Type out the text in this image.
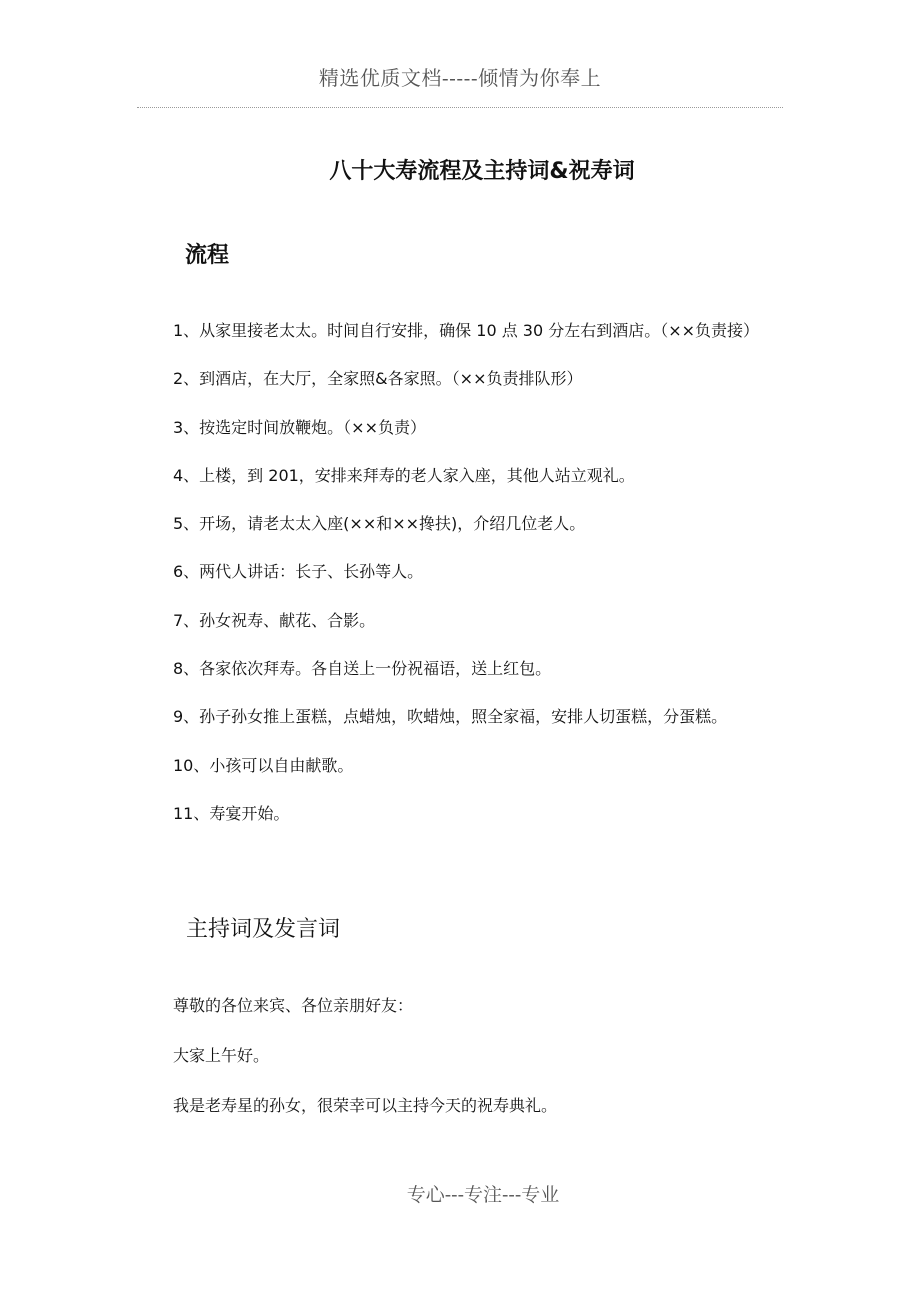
精选优质文档-----倾情为你奉上
八十大寿流程及主持词&祝寿词
流程
1、从家里接老太太。时间自行安排，确保 10 点 30 分左右到酒店。（××负责接）
2、到酒店，在大厅，全家照&各家照。（××负责排队形）
3、按选定时间放鞭炮。（××负责）
4、上楼，到 201，安排来拜寿的老人家入座，其他人站立观礼。
5、开场，请老太太入座(××和××搀扶)，介绍几位老人。
6、两代人讲话：长子、长孙等人。
7、孙女祝寿、献花、合影。
8、各家依次拜寿。各自送上一份祝福语，送上红包。
9、孙子孙女推上蛋糕，点蜡烛，吹蜡烛，照全家福，安排人切蛋糕，分蛋糕。
10、小孩可以自由献歌。
11、寿宴开始。
主持词及发言词

尊敬的各位来宾、各位亲朋好友：

大家上午好。

我是老寿星的孙女，很荣幸可以主持今天的祝寿典礼。

专心---专注---专业
